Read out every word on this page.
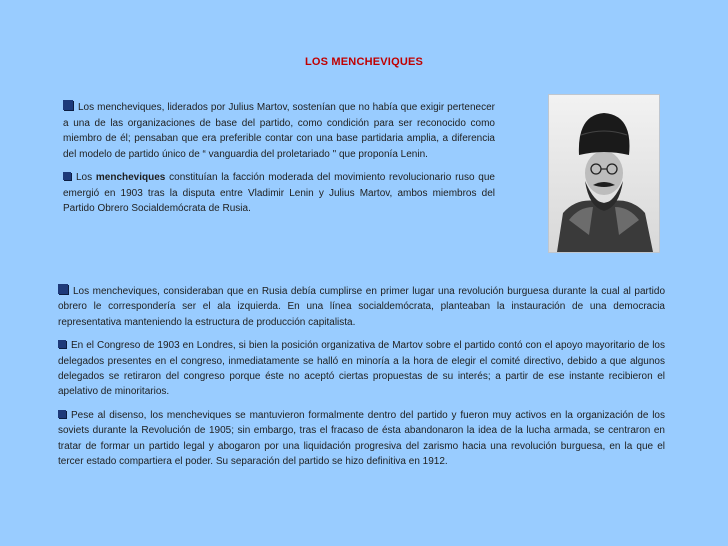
LOS MENCHEVIQUES

Los mencheviques, liderados por Julius Martov, sostenían que no había que exigir pertenecer a una de las organizaciones de base del partido, como condición para ser reconocido como miembro de él; pensaban que era preferible contar con una base partidaria amplia, a diferencia del modelo de partido único de “ vanguardia del proletariado " que proponía Lenin.

Los mencheviques constituían la facción moderada del movimiento revolucionario ruso que emergió en 1903 tras la disputa entre Vladimir Lenin y Julius Martov, ambos miembros del Partido Obrero Socialdemócrata de Rusia.

Los mencheviques, consideraban que en Rusia debía cumplirse en primer lugar una revolución burguesa durante la cual al partido obrero le correspondería ser el ala izquierda. En una línea socialdemócrata, planteaban la instauración de una democracia representativa manteniendo la estructura de producción capitalista.

En el Congreso de 1903 en Londres, si bien la posición organizativa de Martov sobre el partido contó con el apoyo mayoritario de los delegados presentes en el congreso, inmediatamente se halló en minoría a la hora de elegir el comité directivo, debido a que algunos delegados se retiraron del congreso porque éste no aceptó ciertas propuestas de su interés; a partir de ese instante recibieron el apelativo de minoritarios.

Pese al disenso, los mencheviques se mantuvieron formalmente dentro del partido y fueron muy activos en la organización de los soviets durante la Revolución de 1905; sin embargo, tras el fracaso de ésta abandonaron la idea de la lucha armada, se centraron en tratar de formar un partido legal y abogaron por una liquidación progresiva del zarismo hacia una revolución burguesa, en la que el tercer estado compartiera el poder. Su separación del partido se hizo definitiva en 1912.
